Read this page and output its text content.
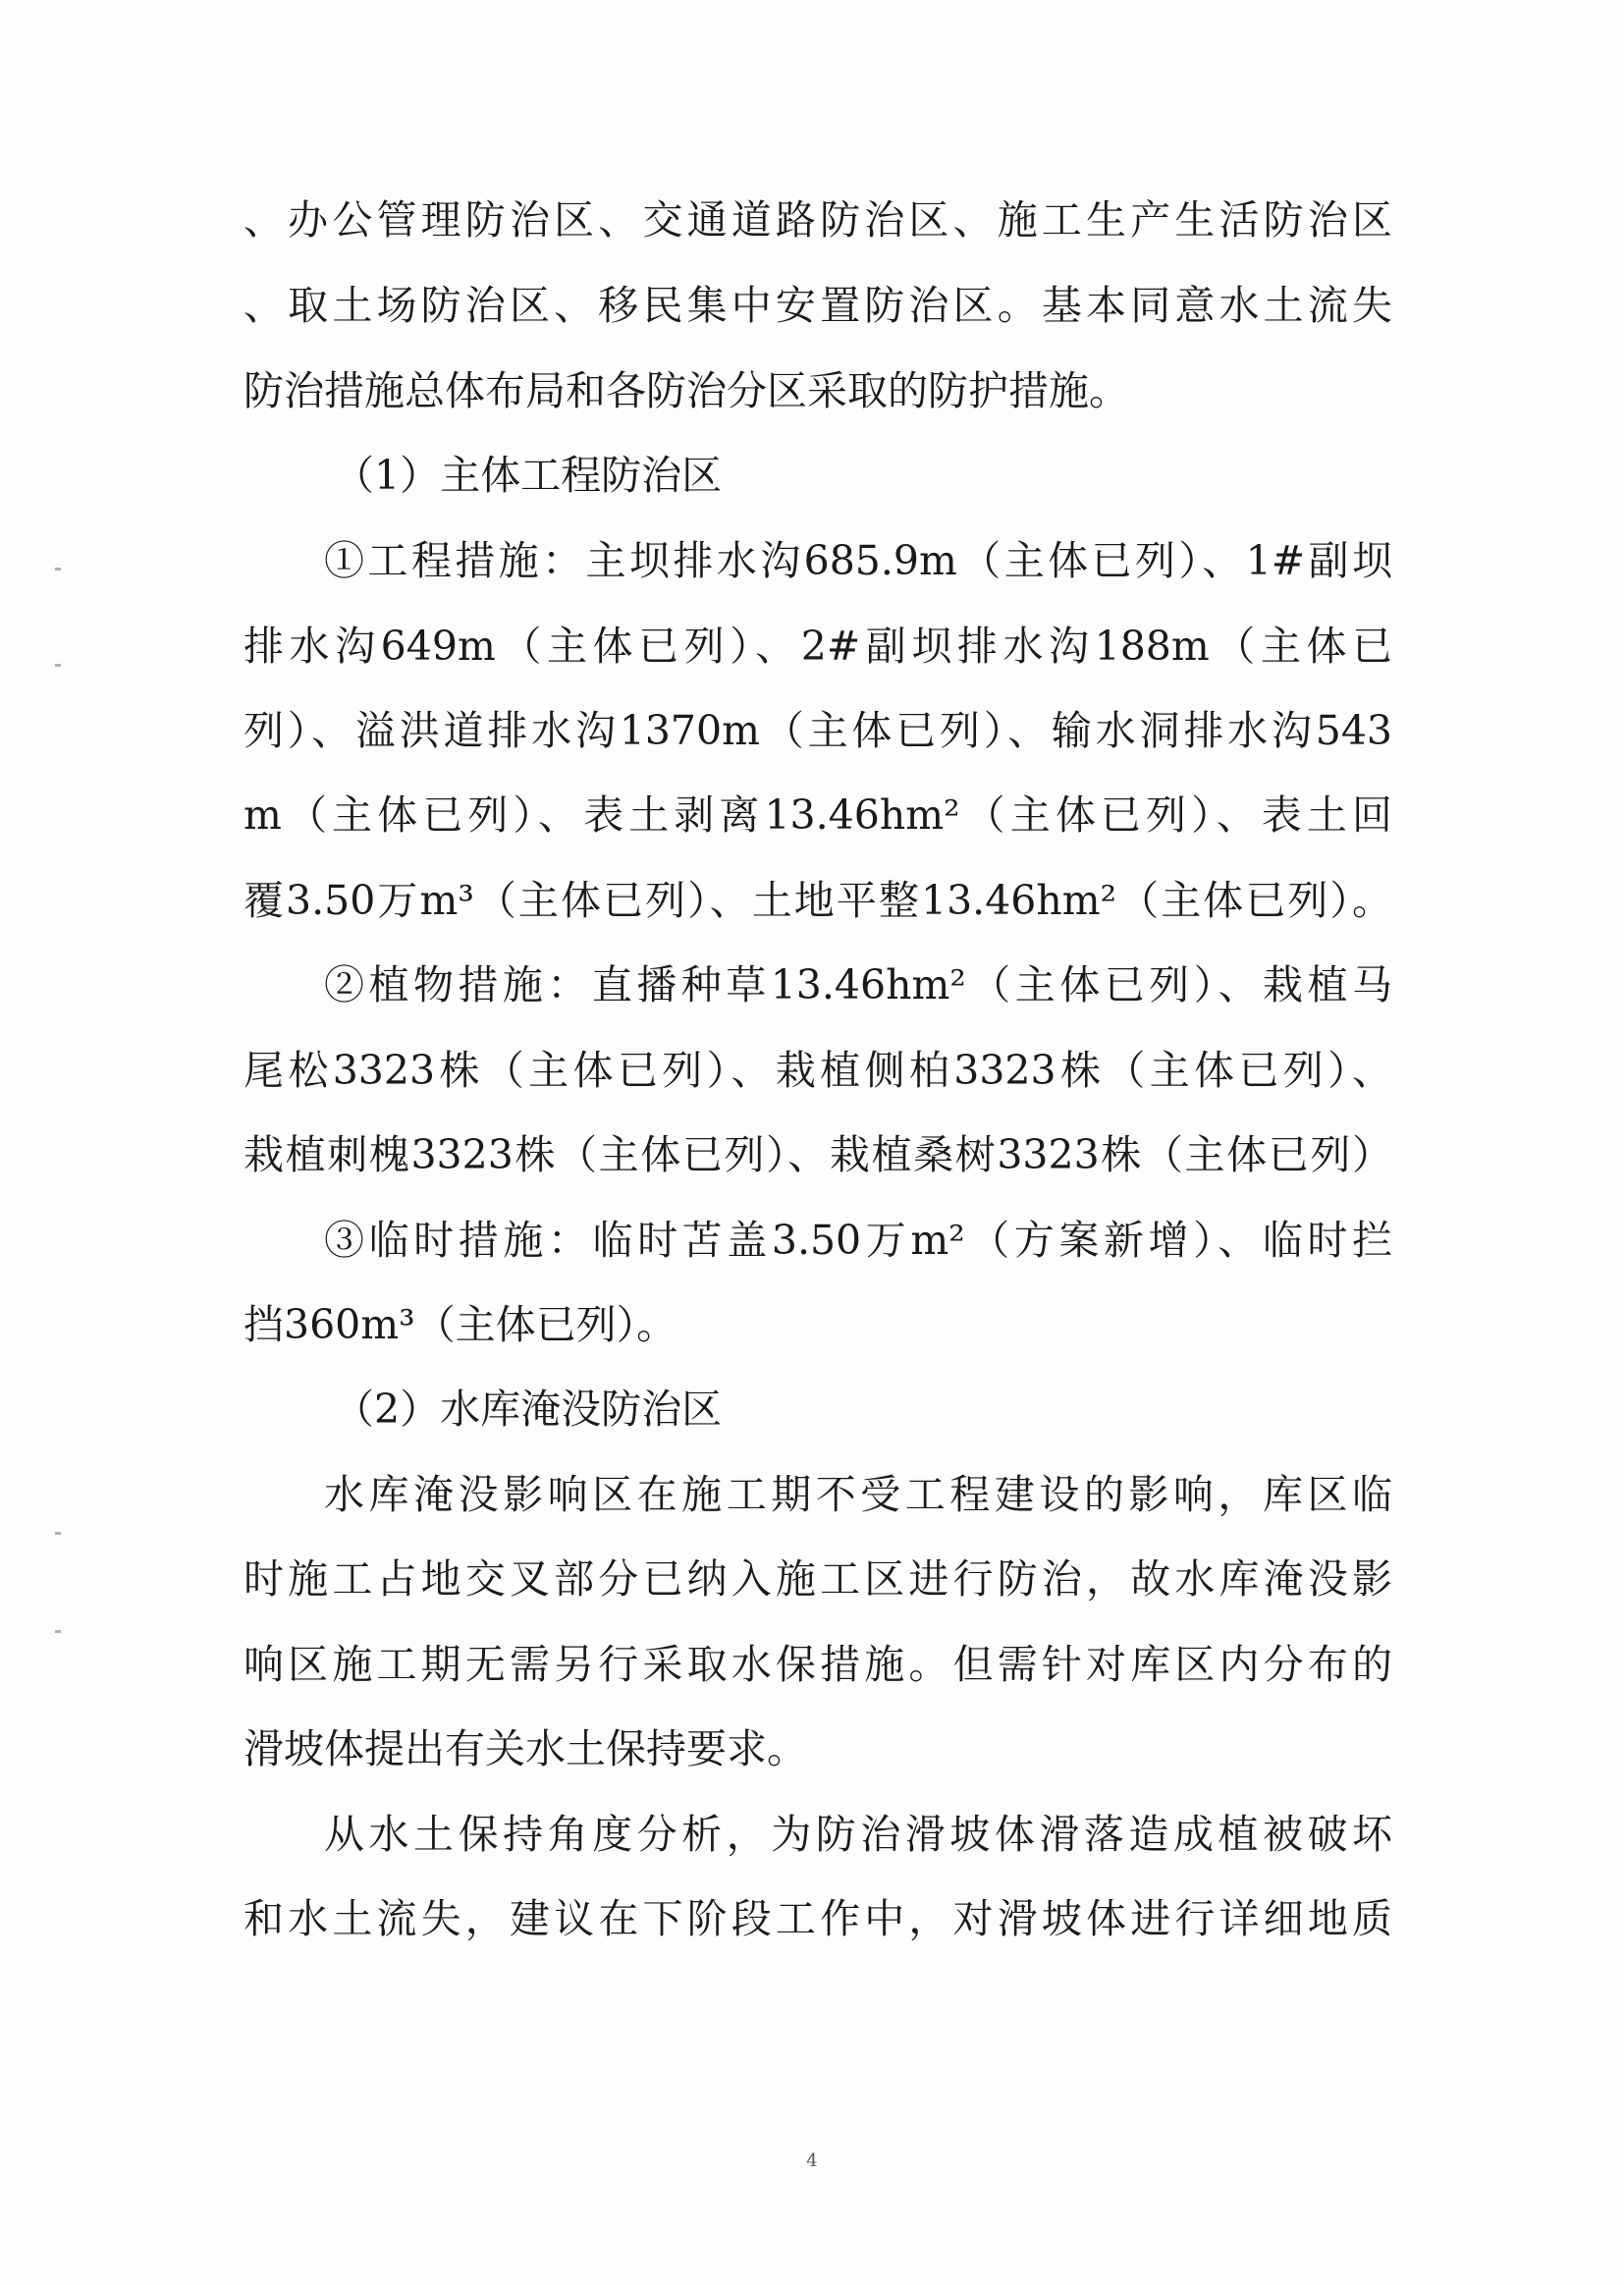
、办公管理防治区、交通道路防治区、施工生产生活防治区
、取土场防治区、移民集中安置防治区。基本同意水土流失
防治措施总体布局和各防治分区采取的防护措施。
（1）主体工程防治区
①工程措施：主坝排水沟685.9m（主体已列）、1#副坝
排水沟649m（主体已列）、2#副坝排水沟188m（主体已
列）、溢洪道排水沟1370m（主体已列）、输水洞排水沟543
m（主体已列）、表土剥离13.46hm²（主体已列）、表土回
覆3.50万m³（主体已列）、土地平整13.46hm²（主体已列）。
②植物措施：直播种草13.46hm²（主体已列）、栽植马
尾松3323株（主体已列）、栽植侧柏3323株（主体已列）、
栽植刺槐3323株（主体已列）、栽植桑树3323株（主体已列）
③临时措施：临时苫盖3.50万m²（方案新增）、临时拦
挡360m³（主体已列）。
（2）水库淹没防治区
水库淹没影响区在施工期不受工程建设的影响，库区临
时施工占地交叉部分已纳入施工区进行防治，故水库淹没影
响区施工期无需另行采取水保措施。但需针对库区内分布的
滑坡体提出有关水土保持要求。
从水土保持角度分析，为防治滑坡体滑落造成植被破坏
和水土流失，建议在下阶段工作中，对滑坡体进行详细地质
4
